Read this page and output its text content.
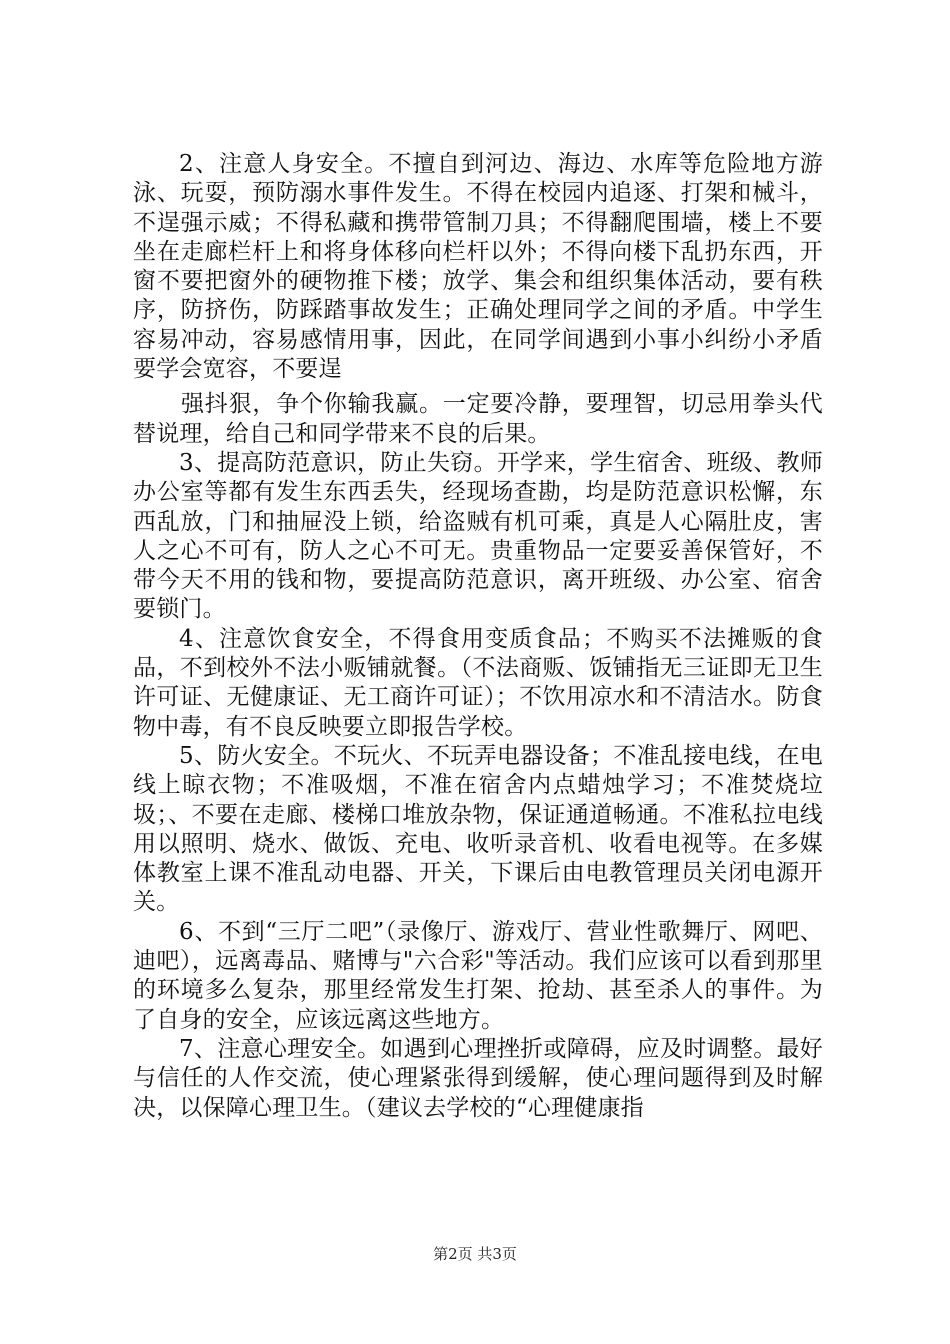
2、注意人身安全。不擅自到河边、海边、水库等危险地方游泳、玩耍，预防溺水事件发生。不得在校园内追逐、打架和械斗，不逞强示威；不得私藏和携带管制刀具；不得翻爬围墙，楼上不要坐在走廊栏杆上和将身体移向栏杆以外；不得向楼下乱扔东西，开窗不要把窗外的硬物推下楼；放学、集会和组织集体活动，要有秩序，防挤伤，防踩踏事故发生；正确处理同学之间的矛盾。中学生容易冲动，容易感情用事，因此，在同学间遇到小事小纠纷小矛盾要学会宽容，不要逞

强抖狠，争个你输我赢。一定要冷静，要理智，切忌用拳头代替说理，给自己和同学带来不良的后果。

3、提高防范意识，防止失窃。开学来，学生宿舍、班级、教师办公室等都有发生东西丢失，经现场查勘，均是防范意识松懈，东西乱放，门和抽屉没上锁，给盗贼有机可乘，真是人心隔肚皮，害人之心不可有，防人之心不可无。贵重物品一定要妥善保管好，不带今天不用的钱和物，要提高防范意识，离开班级、办公室、宿舍要锁门。

4、注意饮食安全，不得食用变质食品；不购买不法摊贩的食品，不到校外不法小贩铺就餐。（不法商贩、饭铺指无三证即无卫生许可证、无健康证、无工商许可证）；不饮用凉水和不清洁水。防食物中毒，有不良反映要立即报告学校。

5、防火安全。不玩火、不玩弄电器设备；不准乱接电线，在电线上晾衣物；不准吸烟，不准在宿舍内点蜡烛学习；不准焚烧垃圾；、不要在走廊、楼梯口堆放杂物，保证通道畅通。不准私拉电线用以照明、烧水、做饭、充电、收听录音机、收看电视等。在多媒体教室上课不准乱动电器、开关，下课后由电教管理员关闭电源开关。

6、不到“三厅二吧”（录像厅、游戏厅、营业性歌舞厅、网吧、迪吧），远离毒品、赌博与"六合彩"等活动。我们应该可以看到那里的环境多么复杂，那里经常发生打架、抢劫、甚至杀人的事件。为了自身的安全，应该远离这些地方。

7、注意心理安全。如遇到心理挫折或障碍，应及时调整。最好与信任的人作交流，使心理紧张得到缓解，使心理问题得到及时解决，以保障心理卫生。（建议去学校的“心理健康指

第2页 共3页
